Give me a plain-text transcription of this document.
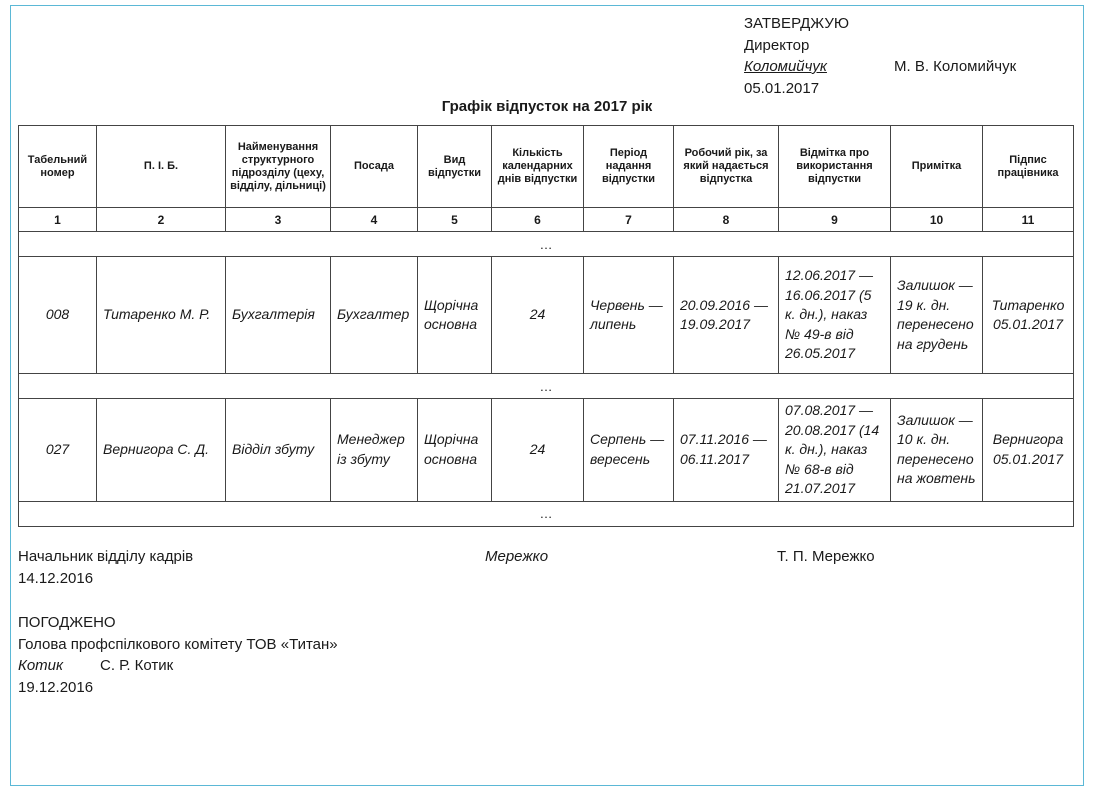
ЗАТВЕРДЖУЮ
Директор
Коломийчук	М. В. Коломийчук
05.01.2017
Графік відпусток на 2017 рік
Табельний номер	П. І. Б.	Найменування структурного підрозділу (цеху, відділу, дільниці)	Посада	Вид відпустки	Кількість календарних днів відпустки	Період надання відпустки	Робочий рік, за який надається відпустка	Відмітка про використання відпустки	Примітка	Підпис працівника
1	2	3	4	5	6	7	8	9	10	11
…										
008	Титаренко М. Р.	Бухгалтерія	Бухгалтер	Щорічна основна	24	Червень — липень	20.09.2016 — 19.09.2017	12.06.2017 — 16.06.2017 (5 к. дн.), наказ № 49-в від 26.05.2017	Залишок — 19 к. дн. перенесено на грудень	Титаренко 05.01.2017
…										
027	Вернигора С. Д.	Відділ збуту	Менеджер із збуту	Щорічна основна	24	Серпень — вересень	07.11.2016 — 06.11.2017	07.08.2017 — 20.08.2017 (14 к. дн.), наказ № 68-в від 21.07.2017	Залишок — 10 к. дн. перенесено на жовтень	Вернигора 05.01.2017
…										
Начальник відділу кадрів	Мережко	Т. П. Мережко
14.12.2016
ПОГОДЖЕНО
Голова профспілкового комітету ТОВ «Титан»
Котик С. Р. Котик
19.12.2016
